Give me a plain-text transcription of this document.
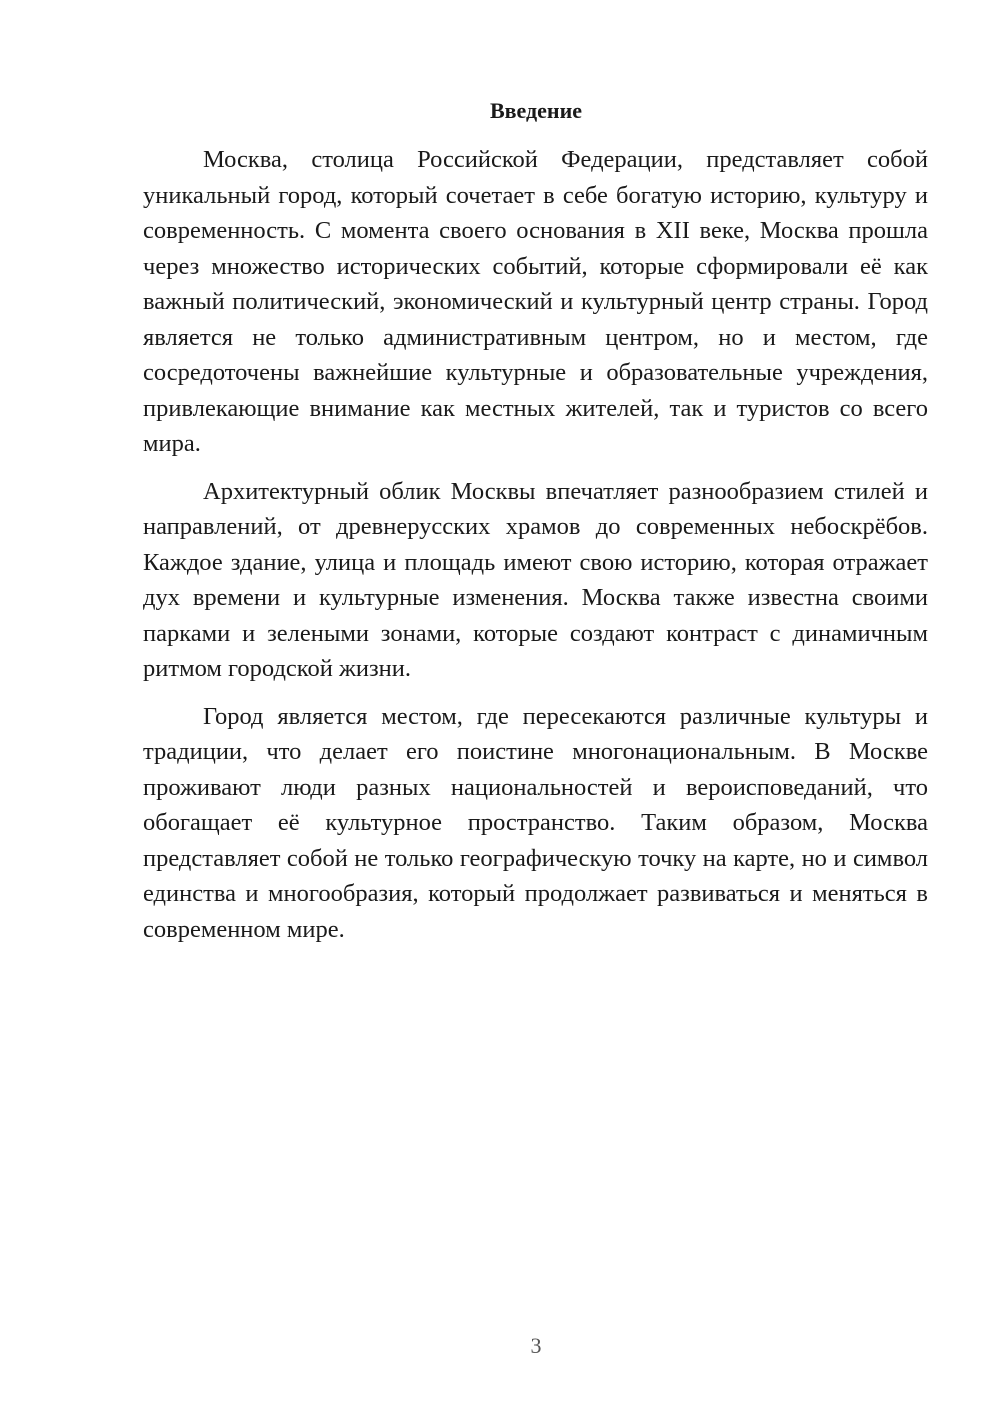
Введение

Москва, столица Российской Федерации, представляет собой уникальный город, который сочетает в себе богатую историю, культуру и современность. С момента своего основания в XII веке, Москва прошла через множество исторических событий, которые сформировали её как важный политический, экономический и культурный центр страны. Город является не только административным центром, но и местом, где сосредоточены важнейшие культурные и образовательные учреждения, привлекающие внимание как местных жителей, так и туристов со всего мира.

Архитектурный облик Москвы впечатляет разнообразием стилей и направлений, от древнерусских храмов до современных небоскрёбов. Каждое здание, улица и площадь имеют свою историю, которая отражает дух времени и культурные изменения. Москва также известна своими парками и зелеными зонами, которые создают контраст с динамичным ритмом городской жизни.

Город является местом, где пересекаются различные культуры и традиции, что делает его поистине многонациональным. В Москве проживают люди разных национальностей и вероисповеданий, что обогащает её культурное пространство. Таким образом, Москва представляет собой не только географическую точку на карте, но и символ единства и многообразия, который продолжает развиваться и меняться в современном мире.

3
